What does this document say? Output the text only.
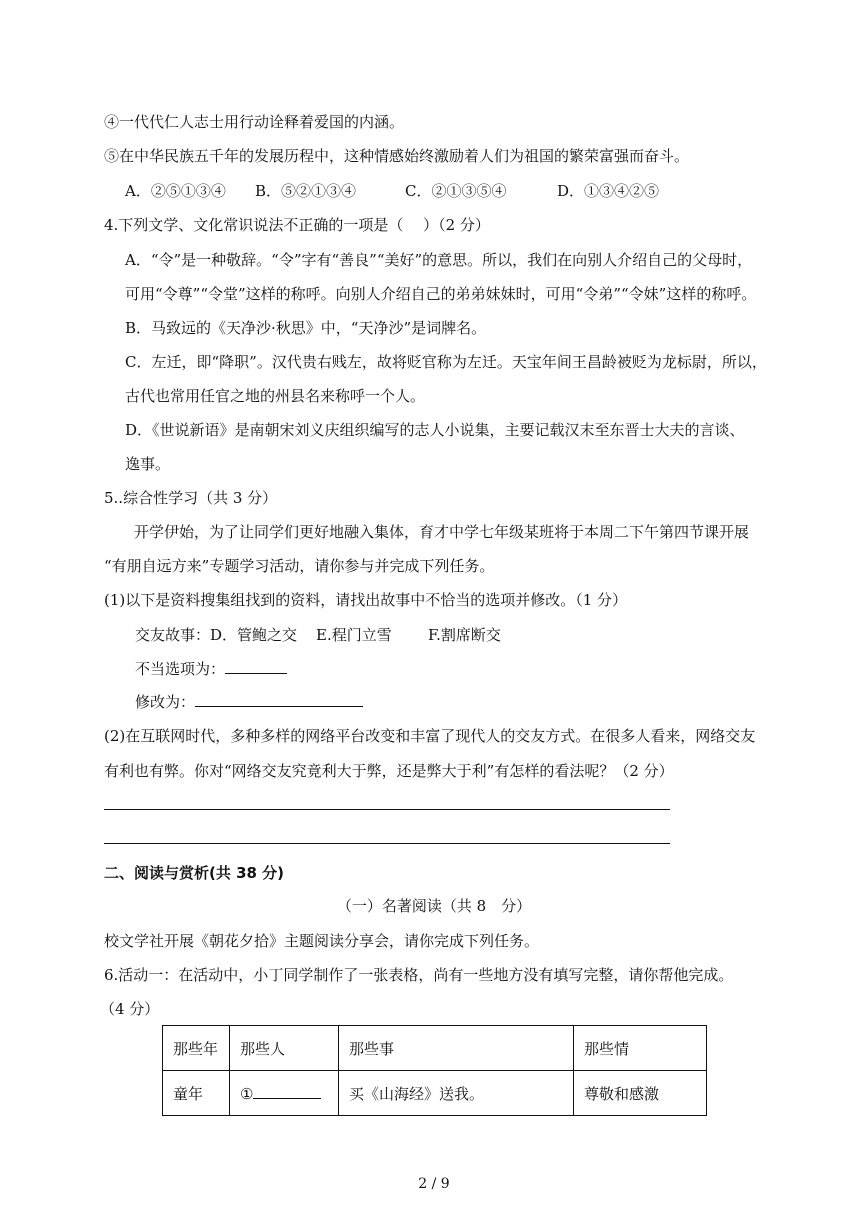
④一代代仁人志士用行动诠释着爱国的内涵。
⑤在中华民族五千年的发展历程中，这种情感始终激励着人们为祖国的繁荣富强而奋斗。
A．②⑤①③④ B．⑤②①③④	C．②①③⑤④	D．①③④②⑤
4.下列文学、文化常识说法不正确的一项是（　 ）（2 分）
A．“令”是一种敬辞。“令”字有“善良”“美好”的意思。所以，我们在向别人介绍自己的父母时，
可用“令尊”“令堂”这样的称呼。向别人介绍自己的弟弟妹妹时，可用“令弟”“令妹”这样的称呼。
B．马致远的《天净沙·秋思》中，“天净沙”是词牌名。
C．左迁，即“降职”。汉代贵右贱左，故将贬官称为左迁。天宝年间王昌龄被贬为龙标尉，所以，
古代也常用任官之地的州县名来称呼一个人。
D．《世说新语》是南朝宋刘义庆组织编写的志人小说集，主要记载汉末至东晋士大夫的言谈、
逸事。
5..综合性学习（共 3 分）
开学伊始，为了让同学们更好地融入集体，育才中学七年级某班将于本周二下午第四节课开展
“有朋自远方来”专题学习活动，请你参与并完成下列任务。
(1)以下是资料搜集组找到的资料，请找出故事中不恰当的选项并修改。（1 分）
交友故事：D．管鲍之交 E.程门立雪 F.割席断交
不当选项为：
修改为：
(2)在互联网时代，多种多样的网络平台改变和丰富了现代人的交友方式。在很多人看来，网络交友
有利也有弊。你对“网络交友究竟利大于弊，还是弊大于利”有怎样的看法呢？（2 分）
二、阅读与赏析(共 38 分)
（一）名著阅读（共 8　分）
校文学社开展《朝花夕拾》主题阅读分享会，请你完成下列任务。
6.活动一：在活动中，小丁同学制作了一张表格，尚有一些地方没有填写完整，请你帮他完成。
（4 分）
那些年	那些人	那些事	那些情
童年	①	买《山海经》送我。	尊敬和感激
2 / 9
